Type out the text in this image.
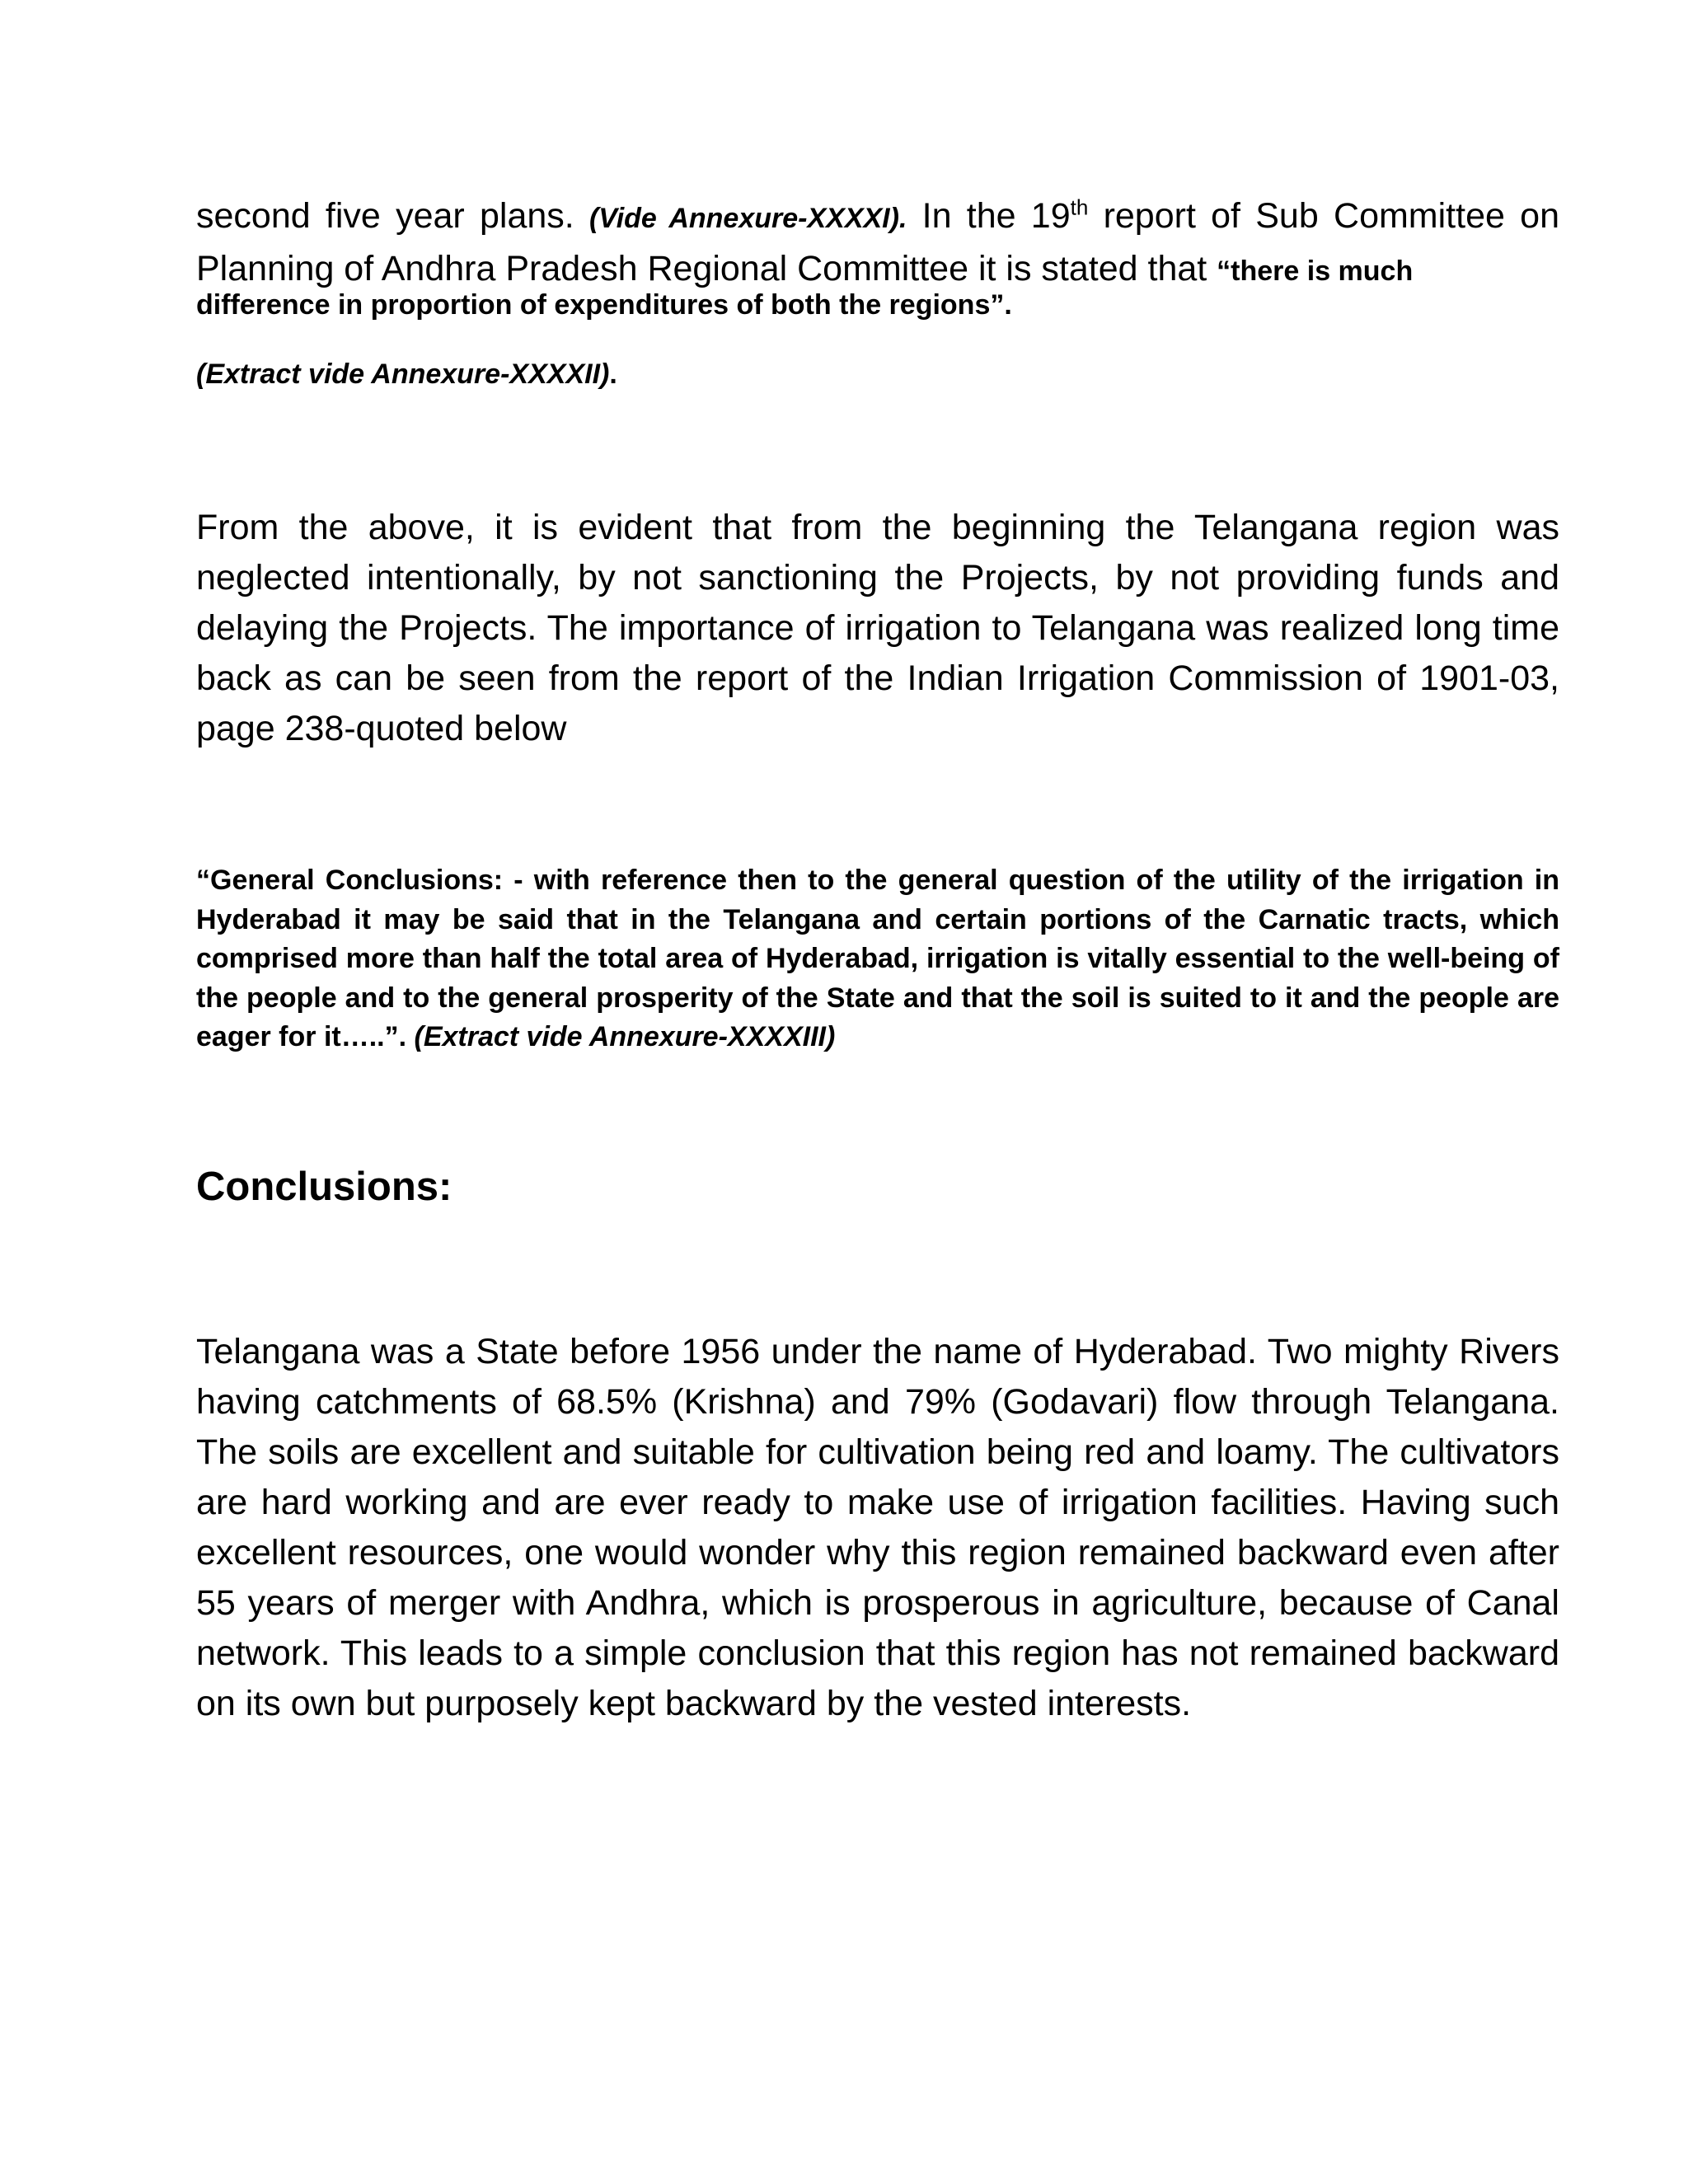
second five year plans. (Vide Annexure-XXXXI). In the 19th report of Sub Committee on Planning of Andhra Pradesh Regional Committee it is stated that “there is much

difference in proportion of expenditures of both the regions”.

(Extract vide Annexure-XXXXII).

From the above, it is evident that from the beginning the Telangana region was neglected intentionally, by not sanctioning the Projects, by not providing funds and delaying the Projects. The importance of irrigation to Telangana was realized long time back as can be seen from the report of the Indian Irrigation Commission of 1901-03, page 238-quoted below

“General Conclusions: - with reference then to the general question of the utility of the irrigation in Hyderabad it may be said that in the Telangana and certain portions of the Carnatic tracts, which comprised more than half the total area of Hyderabad, irrigation is vitally essential to the well-being of the people and to the general prosperity of the State and that the soil is suited to it and the people are eager for it…..”. (Extract vide Annexure-XXXXIII)

Conclusions:

Telangana was a State before 1956 under the name of Hyderabad. Two mighty Rivers having catchments of 68.5% (Krishna) and 79% (Godavari) flow through Telangana. The soils are excellent and suitable for cultivation being red and loamy. The cultivators are hard working and are ever ready to make use of irrigation facilities. Having such excellent resources, one would wonder why this region remained backward even after 55 years of merger with Andhra, which is prosperous in agriculture, because of Canal network. This leads to a simple conclusion that this region has not remained backward on its own but purposely kept backward by the vested interests.
